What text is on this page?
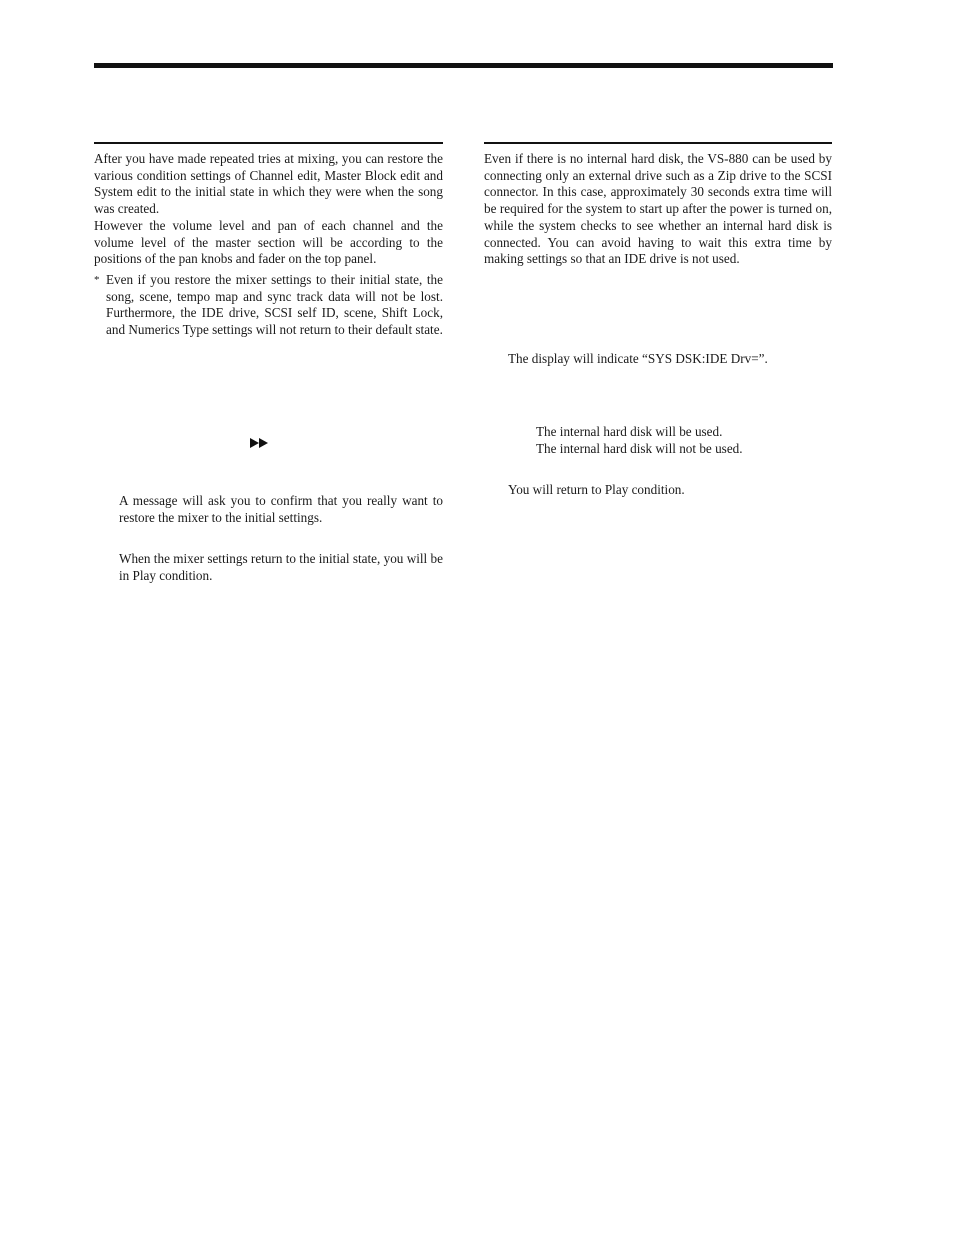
After you have made repeated tries at mixing, you can restore the various condition settings of Channel edit, Master Block edit and System edit to the initial state in which they were when the song was created.

However the volume level and pan of each channel and the volume level of the master section will be according to the positions of the pan knobs and fader on the top panel.

* Even if you restore the mixer settings to their initial state, the song, scene, tempo map and sync track data will not be lost. Furthermore, the IDE drive, SCSI self ID, scene, Shift Lock, and Numerics Type settings will not return to their default state.

A message will ask you to confirm that you really want to restore the mixer to the initial settings.

When the mixer settings return to the initial state, you will be in Play condition.

Even if there is no internal hard disk, the VS-880 can be used by connecting only an external drive such as a Zip drive to the SCSI connector. In this case, approximately 30 seconds extra time will be required for the system to start up after the power is turned on, while the system checks to see whether an internal hard disk is connected. You can avoid having to wait this extra time by making settings so that an IDE drive is not used.

The display will indicate “SYS DSK:IDE Drv=”.
The internal hard disk will be used.
The internal hard disk will not be used.
You will return to Play condition.
